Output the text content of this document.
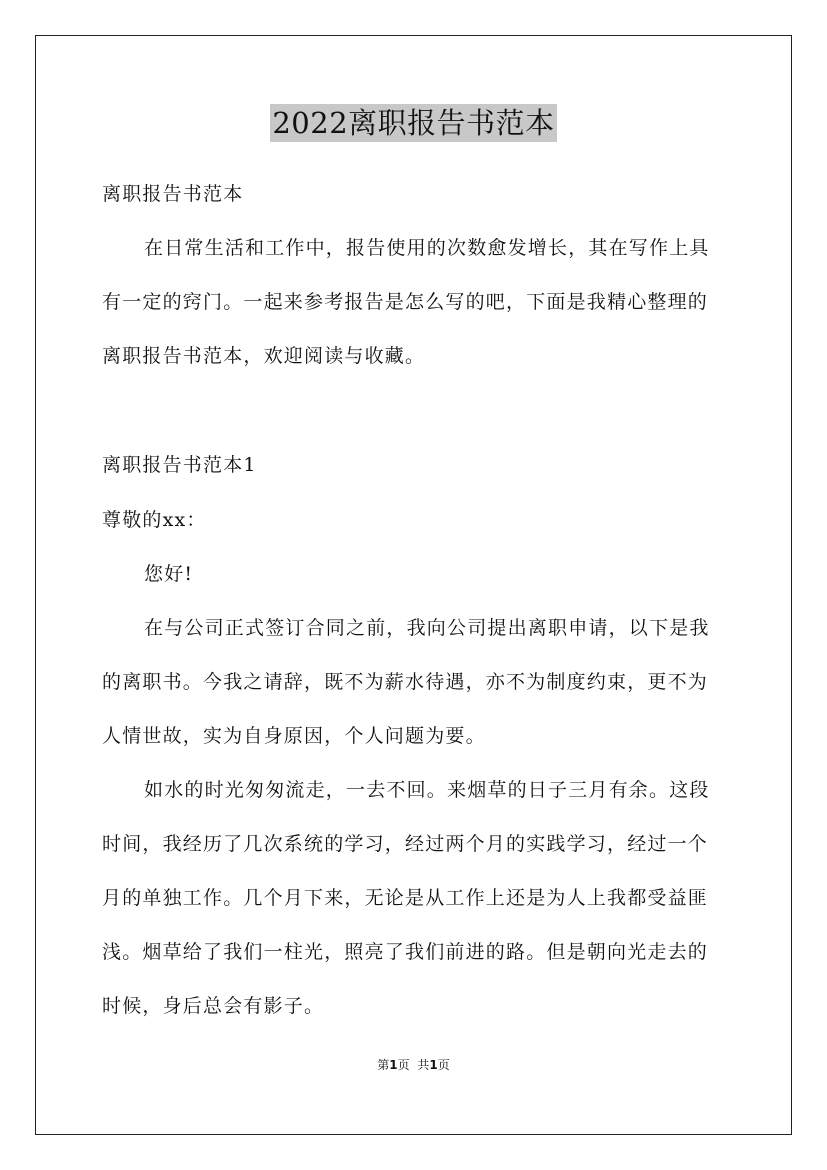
2022离职报告书范本
离职报告书范本
在日常生活和工作中，报告使用的次数愈发增长，其在写作上具
有一定的窍门。一起来参考报告是怎么写的吧，下面是我精心整理的
离职报告书范本，欢迎阅读与收藏。
离职报告书范本1
尊敬的xx：
您好!
在与公司正式签订合同之前，我向公司提出离职申请，以下是我
的离职书。今我之请辞，既不为薪水待遇，亦不为制度约束，更不为
人情世故，实为自身原因，个人问题为要。
如水的时光匆匆流走，一去不回。来烟草的日子三月有余。这段
时间，我经历了几次系统的学习，经过两个月的实践学习，经过一个
月的单独工作。几个月下来，无论是从工作上还是为人上我都受益匪
浅。烟草给了我们一柱光，照亮了我们前进的路。但是朝向光走去的
时候，身后总会有影子。
第1页 共1页
